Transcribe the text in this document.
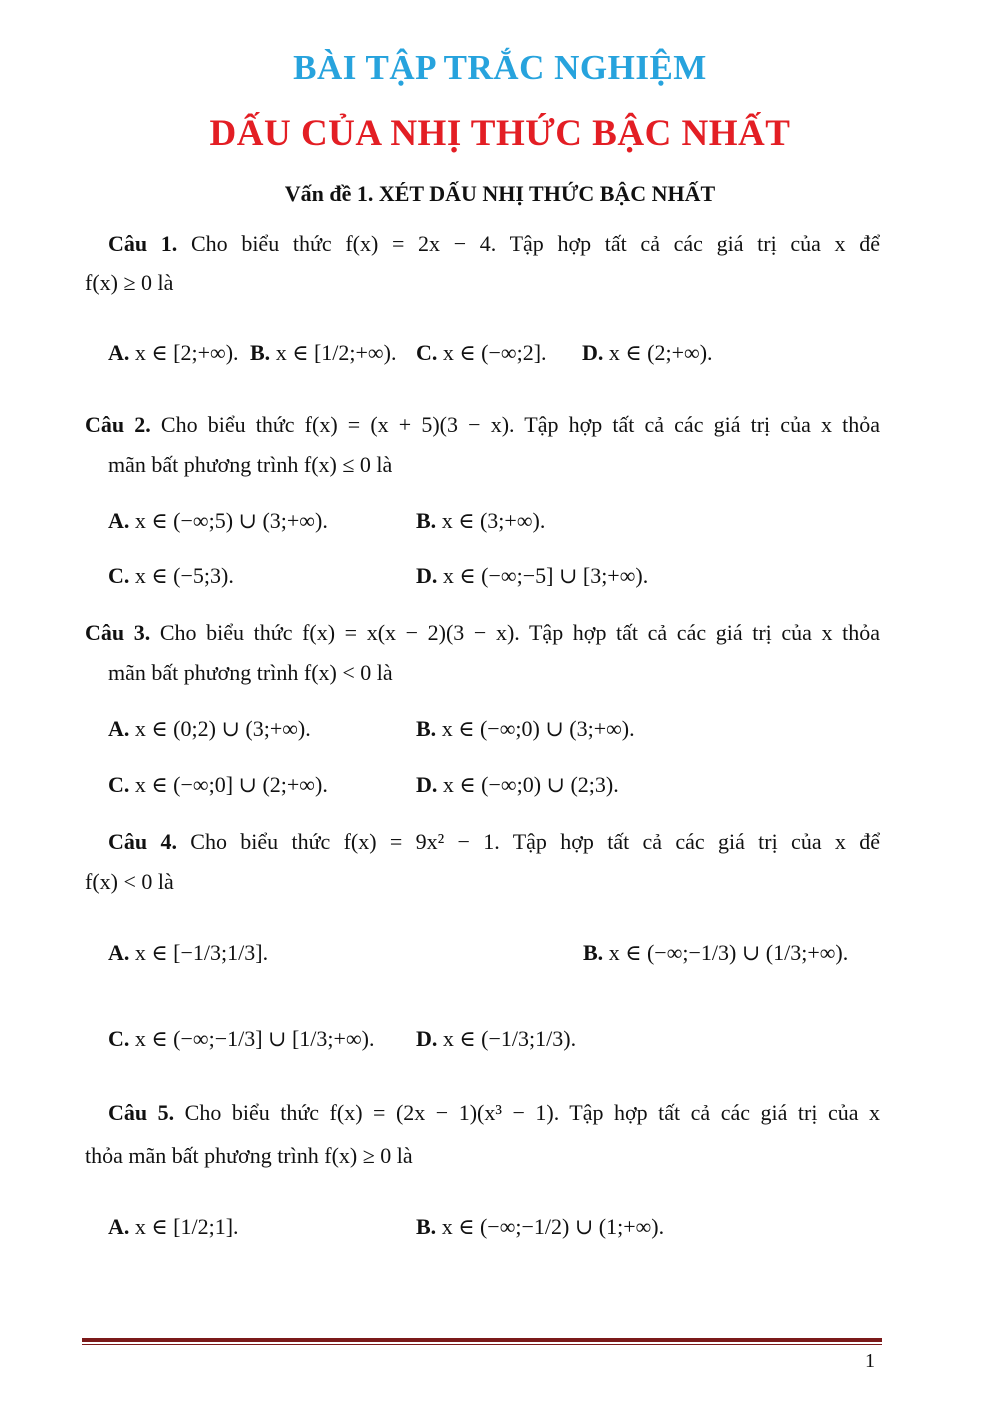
BÀI TẬP TRẮC NGHIỆM
DẤU CỦA NHỊ THỨC BẬC NHẤT
Vấn đề 1. XÉT DẤU NHỊ THỨC BẬC NHẤT
Câu 1. Cho biểu thức f(x) = 2x − 4. Tập hợp tất cả các giá trị của x để
f(x) ≥ 0 là
A. x ∈ [2;+∞). B. x ∈ [1/2;+∞). C. x ∈ (−∞;2]. D. x ∈ (2;+∞).
Câu 2. Cho biểu thức f(x) = (x + 5)(3 − x). Tập hợp tất cả các giá trị của x thỏa
mãn bất phương trình f(x) ≤ 0 là
A. x ∈ (−∞;5) ∪ (3;+∞).	B. x ∈ (3;+∞).
C. x ∈ (−5;3).	D. x ∈ (−∞;−5] ∪ [3;+∞).
Câu 3. Cho biểu thức f(x) = x(x − 2)(3 − x). Tập hợp tất cả các giá trị của x thỏa
mãn bất phương trình f(x) < 0 là
A. x ∈ (0;2) ∪ (3;+∞).	B. x ∈ (−∞;0) ∪ (3;+∞).
C. x ∈ (−∞;0] ∪ (2;+∞).	D. x ∈ (−∞;0) ∪ (2;3).
Câu 4. Cho biểu thức f(x) = 9x² − 1. Tập hợp tất cả các giá trị của x để
f(x) < 0 là
A. x ∈ [−1/3;1/3].	B. x ∈ (−∞;−1/3) ∪ (1/3;+∞).
C. x ∈ (−∞;−1/3] ∪ [1/3;+∞). D. x ∈ (−1/3;1/3).
Câu 5. Cho biểu thức f(x) = (2x − 1)(x³ − 1). Tập hợp tất cả các giá trị của x
thỏa mãn bất phương trình f(x) ≥ 0 là
A. x ∈ [1/2;1].	B. x ∈ (−∞;−1/2) ∪ (1;+∞).
1
